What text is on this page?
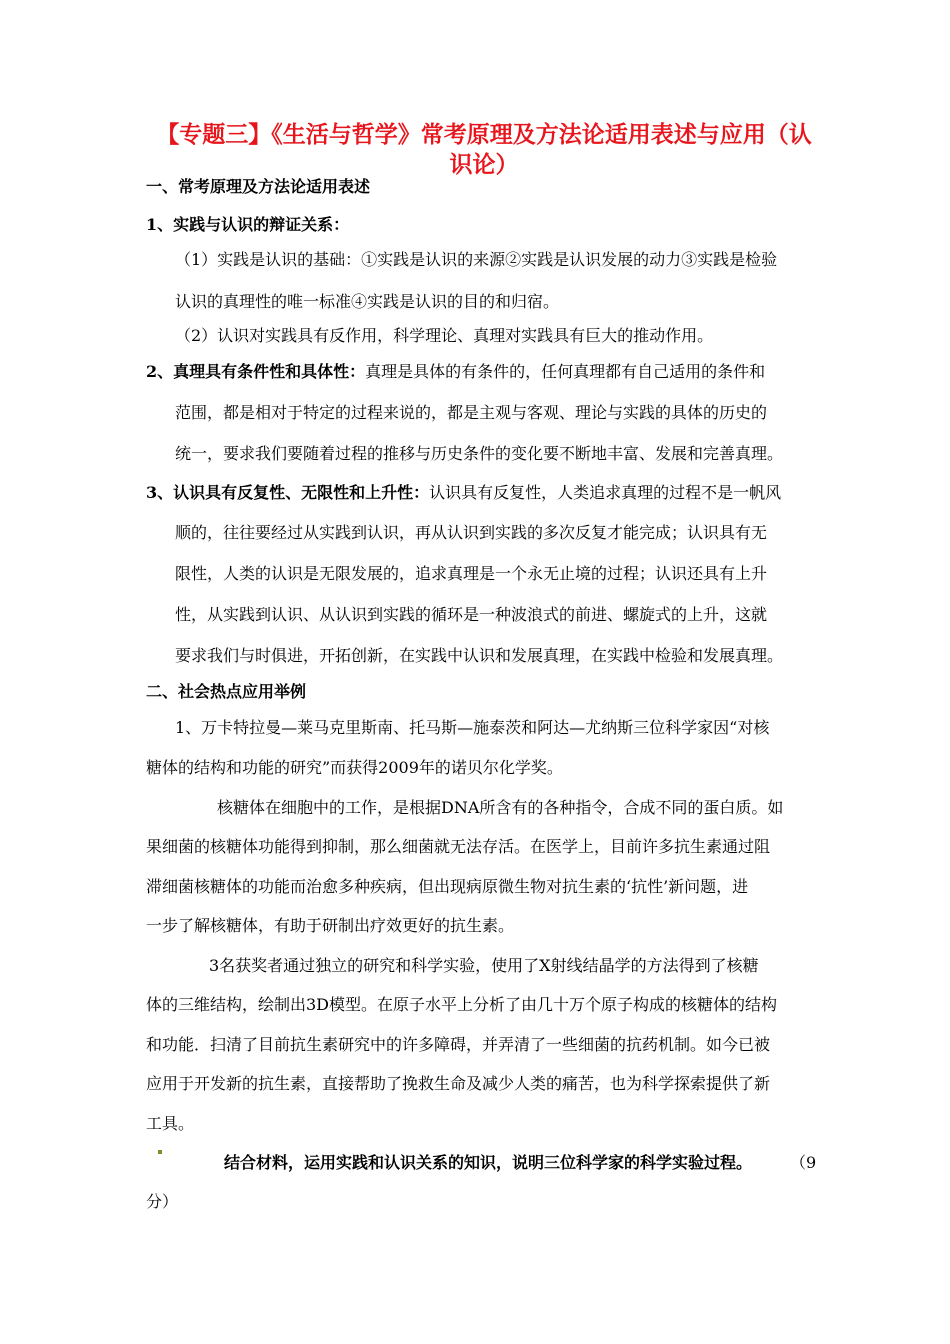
【专题三】《生活与哲学》常考原理及方法论适用表述与应用（认识论）
一、常考原理及方法论适用表述
1、实践与认识的辩证关系：
（1）实践是认识的基础：①实践是认识的来源②实践是认识发展的动力③实践是检验
认识的真理性的唯一标准④实践是认识的目的和归宿。
（2）认识对实践具有反作用，科学理论、真理对实践具有巨大的推动作用。
2、真理具有条件性和具体性：真理是具体的有条件的，任何真理都有自己适用的条件和
范围，都是相对于特定的过程来说的，都是主观与客观、理论与实践的具体的历史的
统一，要求我们要随着过程的推移与历史条件的变化要不断地丰富、发展和完善真理。
3、认识具有反复性、无限性和上升性：认识具有反复性，人类追求真理的过程不是一帆风
顺的，往往要经过从实践到认识，再从认识到实践的多次反复才能完成；认识具有无
限性，人类的认识是无限发展的，追求真理是一个永无止境的过程；认识还具有上升
性，从实践到认识、从认识到实践的循环是一种波浪式的前进、螺旋式的上升，这就
要求我们与时俱进，开拓创新，在实践中认识和发展真理，在实践中检验和发展真理。
二、社会热点应用举例
1、万卡特拉曼—莱马克里斯南、托马斯—施泰茨和阿达—尤纳斯三位科学家因“对核
糖体的结构和功能的研究”而获得2009年的诺贝尔化学奖。
核糖体在细胞中的工作，是根据DNA所含有的各种指令，合成不同的蛋白质。如
果细菌的核糖体功能得到抑制，那么细菌就无法存活。在医学上，目前许多抗生素通过阻
滞细菌核糖体的功能而治愈多种疾病，但出现病原微生物对抗生素的‘抗性’新问题，进
一步了解核糖体，有助于研制出疗效更好的抗生素。
3名获奖者通过独立的研究和科学实验，使用了X射线结晶学的方法得到了核糖
体的三维结构，绘制出3D模型。在原子水平上分析了由几十万个原子构成的核糖体的结构
和功能．扫清了目前抗生素研究中的许多障碍，并弄清了一些细菌的抗药机制。如今已被
应用于开发新的抗生素，直接帮助了挽救生命及减少人类的痛苦，也为科学探索提供了新
工具。
结合材料，运用实践和认识关系的知识，说明三位科学家的科学实验过程。 （9
分）
